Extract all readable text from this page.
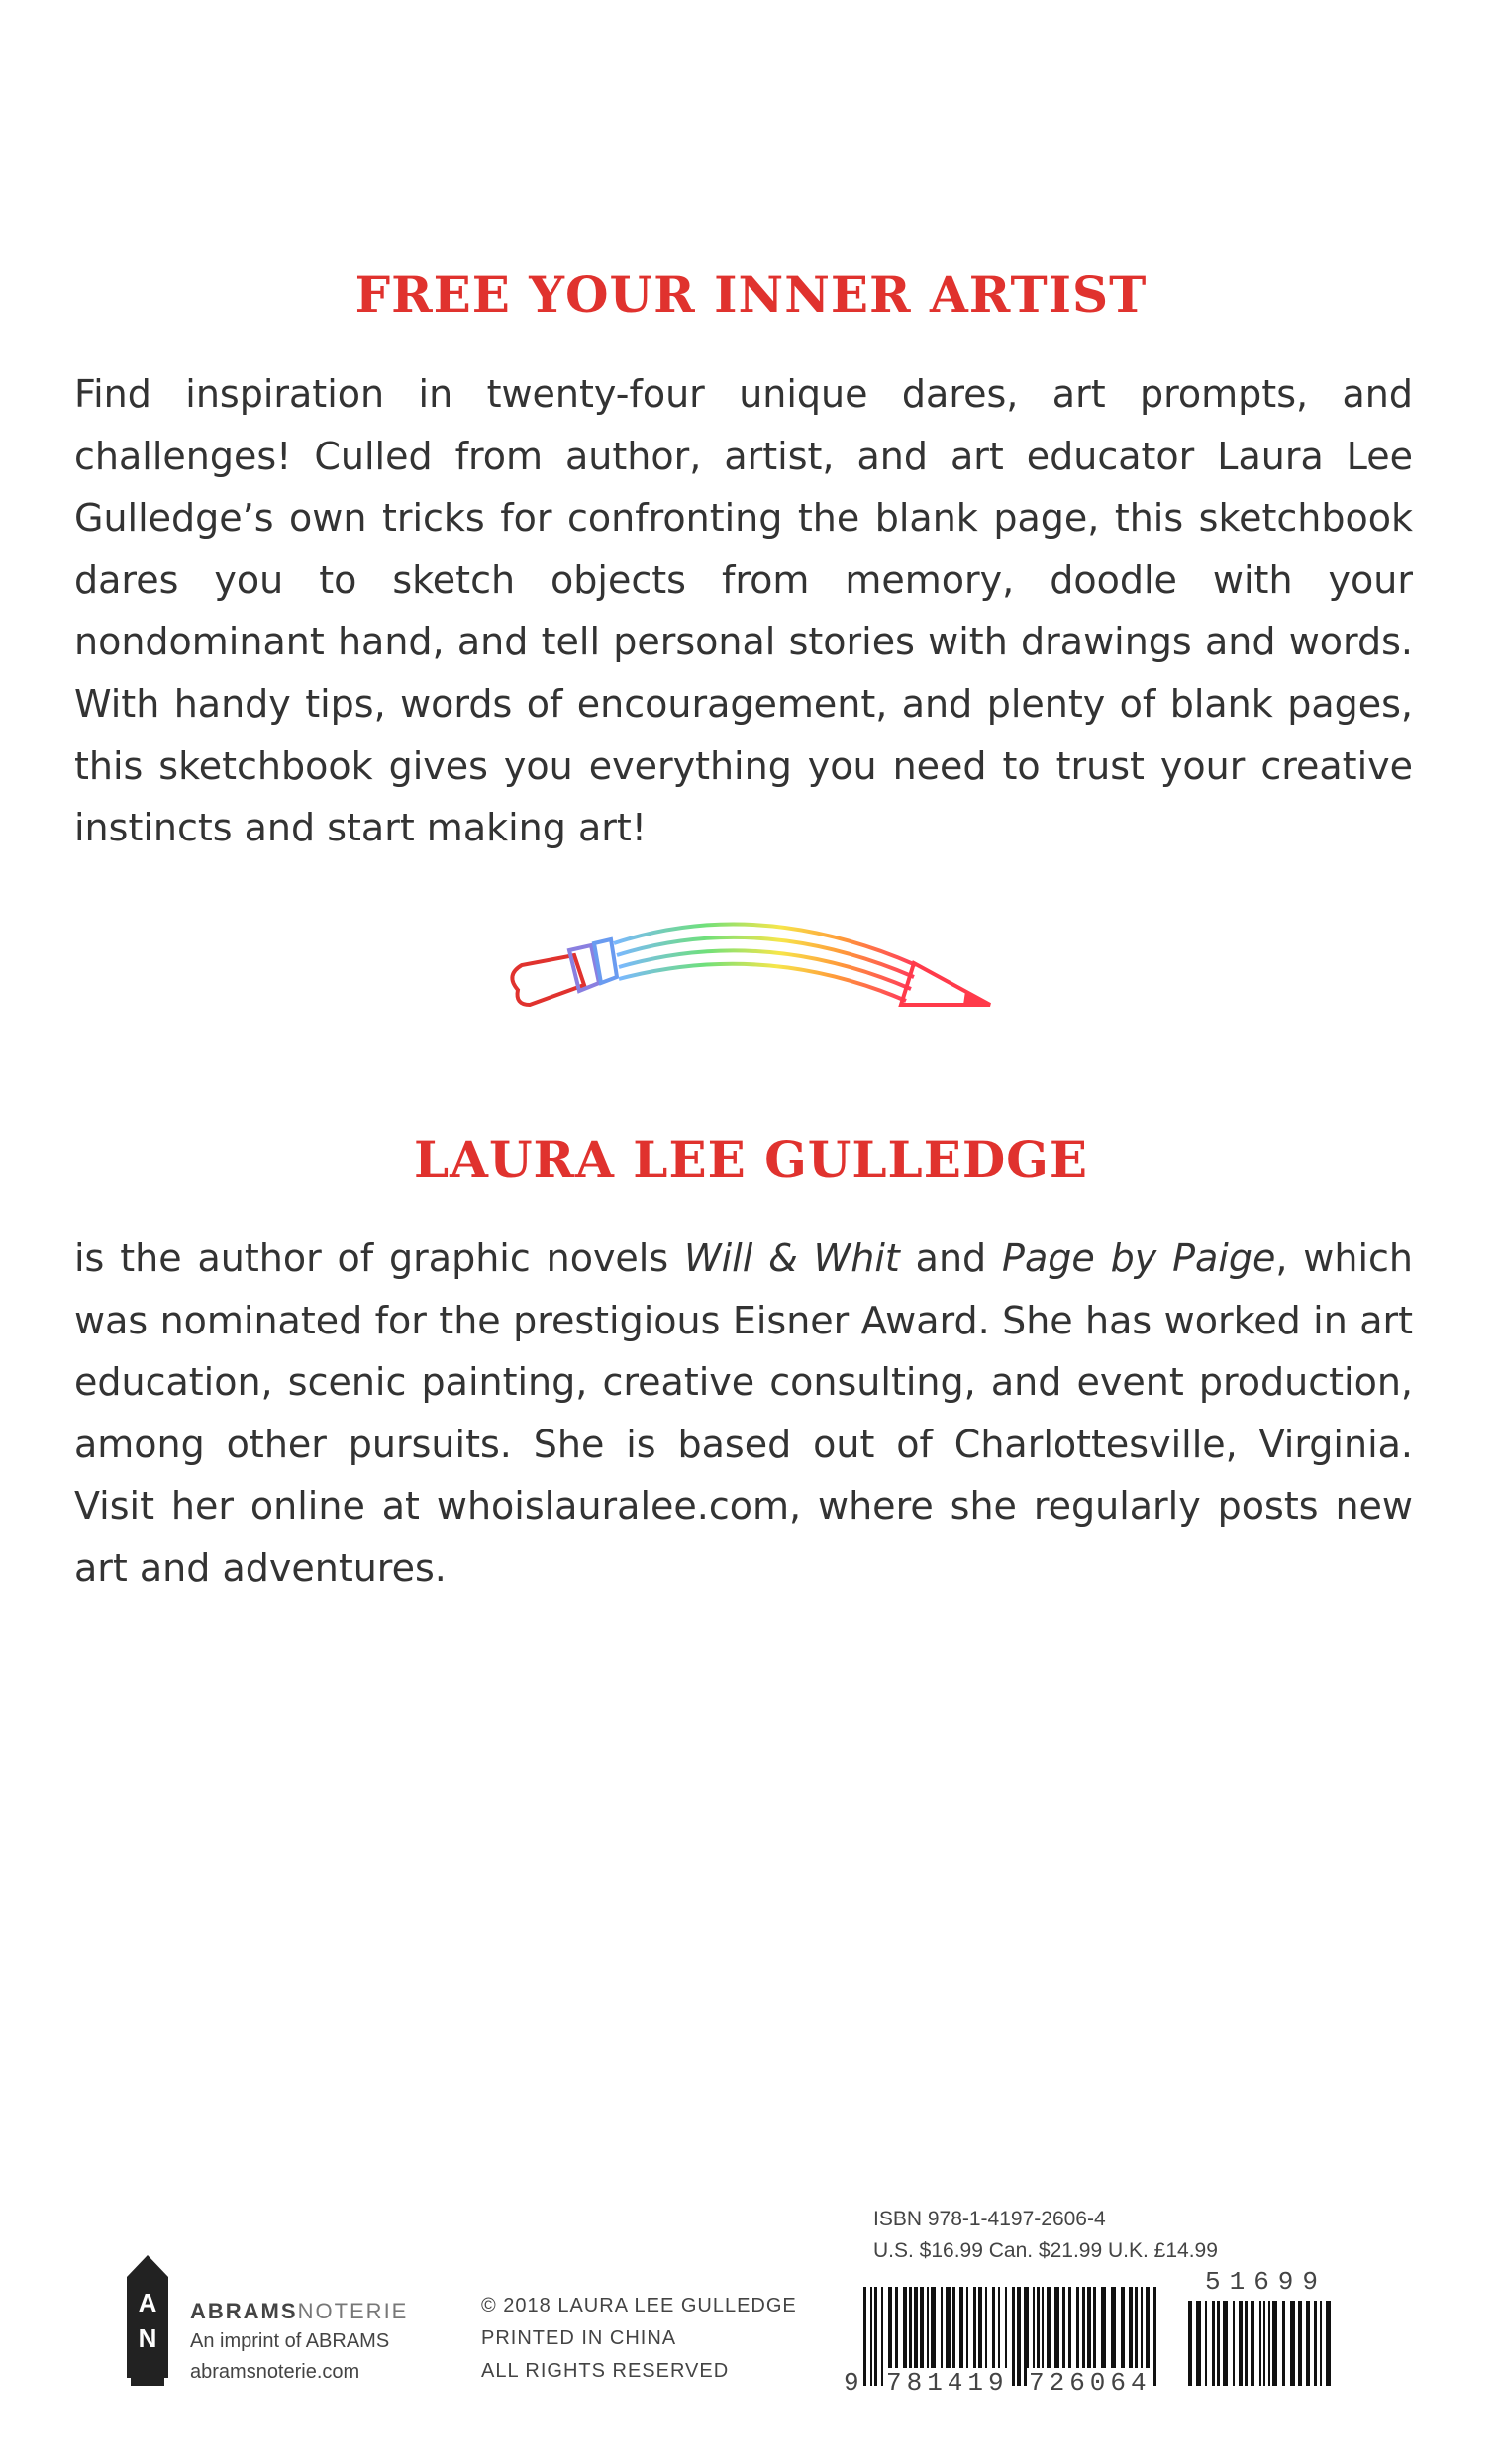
FREE YOUR INNER ARTIST

Find inspiration in twenty-four unique dares, art prompts, and challenges! Culled from author, artist, and art educator Laura Lee Gulledge’s own tricks for confronting the blank page, this sketchbook dares you to sketch objects from memory, doodle with your nondominant hand, and tell personal stories with drawings and words. With handy tips, words of encouragement, and plenty of blank pages, this sketchbook gives you everything you need to trust your creative instincts and start making art!

LAURA LEE GULLEDGE

is the author of graphic novels Will & Whit and Page by Paige, which was nominated for the prestigious Eisner Award. She has worked in art education, scenic painting, creative consulting, and event production, among other pursuits. She is based out of Charlottesville, Virginia. Visit her online at whoislauralee.com, where she regularly posts new art and adventures.

A
N
ABRAMSNOTERIE
An imprint of ABRAMS
abramsnoterie.com
© 2018 LAURA LEE GULLEDGE
PRINTED IN CHINA
ALL RIGHTS RESERVED
ISBN 978-1-4197-2606-4
U.S. $16.99 Can. $21.99 U.K. £14.99
51699
9 781419 726064
